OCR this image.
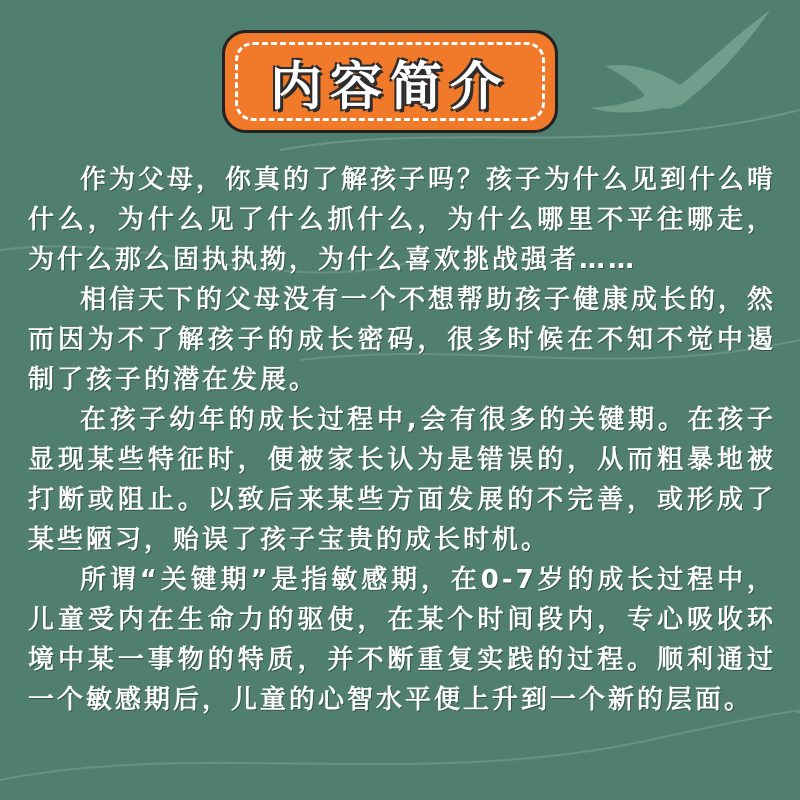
内容简介

作为父母，你真的了解孩子吗？孩子为什么见到什么啃什么，为什么见了什么抓什么，为什么哪里不平往哪走，为什么那么固执执拗，为什么喜欢挑战强者……

相信天下的父母没有一个不想帮助孩子健康成长的，然而因为不了解孩子的成长密码，很多时候在不知不觉中遏制了孩子的潜在发展。

在孩子幼年的成长过程中,会有很多的关键期。在孩子显现某些特征时，便被家长认为是错误的，从而粗暴地被打断或阻止。以致后来某些方面发展的不完善，或形成了某些陋习，贻误了孩子宝贵的成长时机。

所谓“关键期”是指敏感期，在0-7岁的成长过程中，儿童受内在生命力的驱使，在某个时间段内，专心吸收环境中某一事物的特质，并不断重复实践的过程。顺利通过一个敏感期后，儿童的心智水平便上升到一个新的层面。
